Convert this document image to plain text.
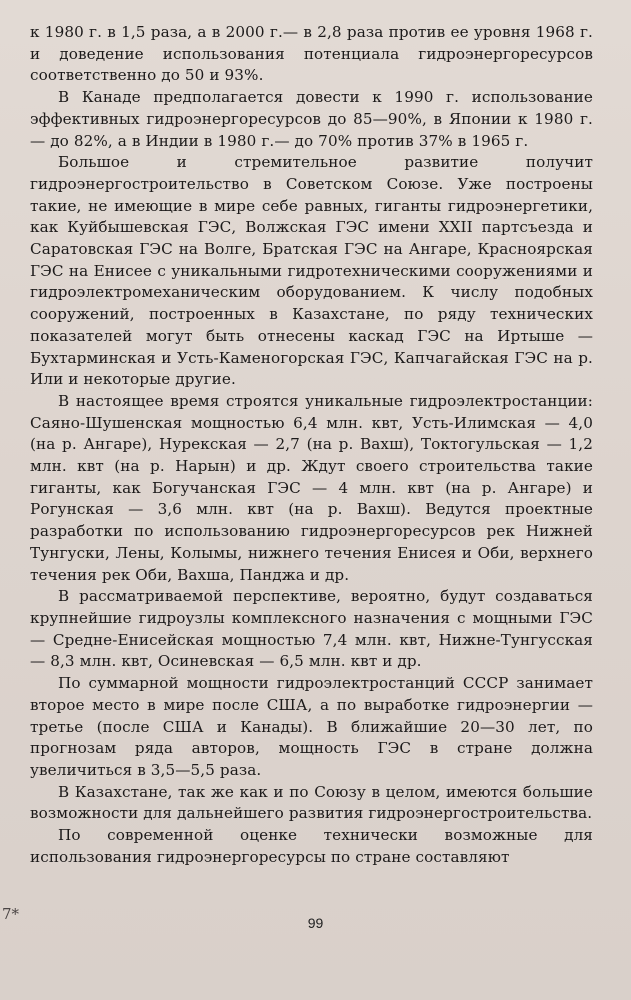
к 1980 г. в 1,5 раза, а в 2000 г.— в 2,8 раза против ее уровня 1968 г. и доведение использования потенциала гидроэнергоресурсов соответственно до 50 и 93%.

В Канаде предполагается довести к 1990 г. использование эффективных гидроэнергоресурсов до 85—90%, в Японии к 1980 г.— до 82%, а в Индии в 1980 г.— до 70% против 37% в 1965 г.

Большое и стремительное развитие получит гидроэнергостроительство в Советском Союзе. Уже построены такие, не имеющие в мире себе равных, гиганты гидроэнергетики, как Куйбышевская ГЭС, Волжская ГЭС имени XXII партсъезда и Саратовская ГЭС на Волге, Братская ГЭС на Ангаре, Красноярская ГЭС на Енисее с уникальными гидротехническими сооружениями и гидроэлектромеханическим оборудованием. К числу подобных сооружений, построенных в Казахстане, по ряду технических показателей могут быть отнесены каскад ГЭС на Иртыше — Бухтарминская и Усть-Каменогорская ГЭС, Капчагайская ГЭС на р. Или и некоторые другие.

В настоящее время строятся уникальные гидроэлектростанции: Саяно-Шушенская мощностью 6,4 млн. квт, Усть-Илимская — 4,0 (на р. Ангаре), Нурекская — 2,7 (на р. Вахш), Токтогульская — 1,2 млн. квт (на р. Нарын) и др. Ждут своего строительства такие гиганты, как Богучанская ГЭС — 4 млн. квт (на р. Ангаре) и Рогунская — 3,6 млн. квт (на р. Вахш). Ведутся проектные разработки по использованию гидроэнергоресурсов рек Нижней Тунгуски, Лены, Колымы, нижнего течения Енисея и Оби, верхнего течения рек Оби, Вахша, Панджа и др.

В рассматриваемой перспективе, вероятно, будут создаваться крупнейшие гидроузлы комплексного назначения с мощными ГЭС — Средне-Енисейская мощностью 7,4 млн. квт, Нижне-Тунгусская — 8,3 млн. квт, Осиневская — 6,5 млн. квт и др.

По суммарной мощности гидроэлектростанций СССР занимает второе место в мире после США, а по выработке гидроэнергии — третье (после США и Канады). В ближайшие 20—30 лет, по прогнозам ряда авторов, мощность ГЭС в стране должна увеличиться в 3,5—5,5 раза.

В Казахстане, так же как и по Союзу в целом, имеются большие возможности для дальнейшего развития гидроэнергостроительства.

По современной оценке технически возможные для использования гидроэнергоресурсы по стране составляют

7*	99
